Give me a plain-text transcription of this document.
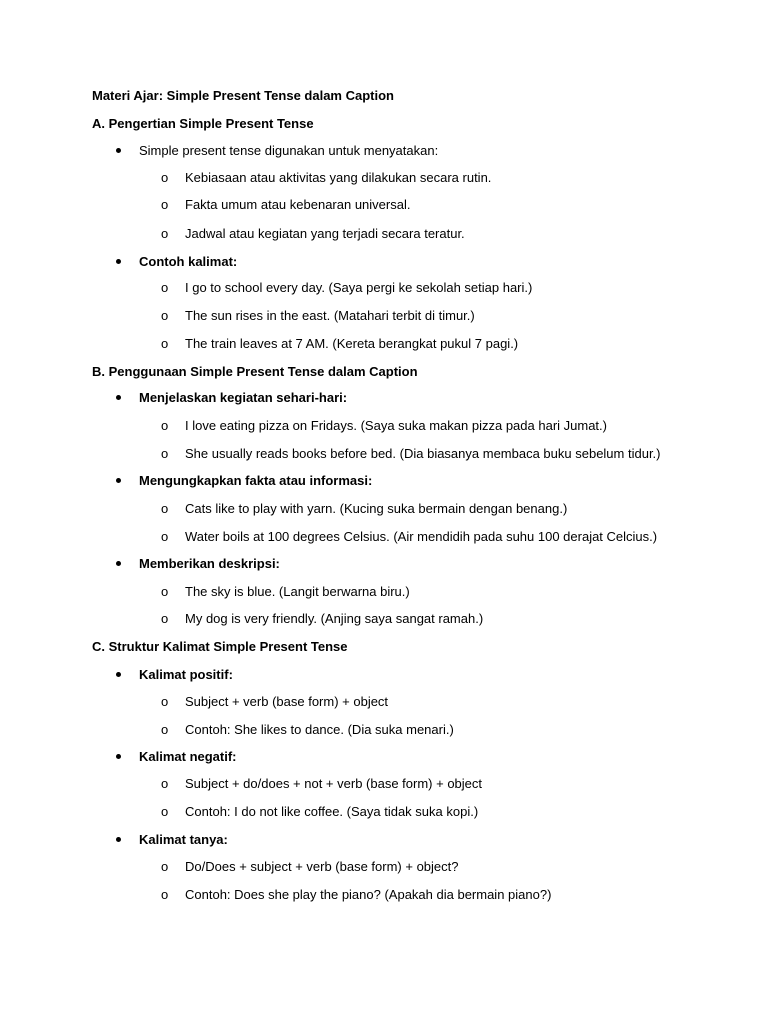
Materi Ajar: Simple Present Tense dalam Caption
A. Pengertian Simple Present Tense
Simple present tense digunakan untuk menyatakan:
o Kebiasaan atau aktivitas yang dilakukan secara rutin.
o Fakta umum atau kebenaran universal.
o Jadwal atau kegiatan yang terjadi secara teratur.
Contoh kalimat:
o I go to school every day. (Saya pergi ke sekolah setiap hari.)
o The sun rises in the east. (Matahari terbit di timur.)
o The train leaves at 7 AM. (Kereta berangkat pukul 7 pagi.)
B. Penggunaan Simple Present Tense dalam Caption
Menjelaskan kegiatan sehari-hari:
o I love eating pizza on Fridays. (Saya suka makan pizza pada hari Jumat.)
o She usually reads books before bed. (Dia biasanya membaca buku sebelum tidur.)
Mengungkapkan fakta atau informasi:
o Cats like to play with yarn. (Kucing suka bermain dengan benang.)
o Water boils at 100 degrees Celsius. (Air mendidih pada suhu 100 derajat Celcius.)
Memberikan deskripsi:
o The sky is blue. (Langit berwarna biru.)
o My dog is very friendly. (Anjing saya sangat ramah.)
C. Struktur Kalimat Simple Present Tense
Kalimat positif:
o Subject + verb (base form) + object
o Contoh: She likes to dance. (Dia suka menari.)
Kalimat negatif:
o Subject + do/does + not + verb (base form) + object
o Contoh: I do not like coffee. (Saya tidak suka kopi.)
Kalimat tanya:
o Do/Does + subject + verb (base form) + object?
o Contoh: Does she play the piano? (Apakah dia bermain piano?)
